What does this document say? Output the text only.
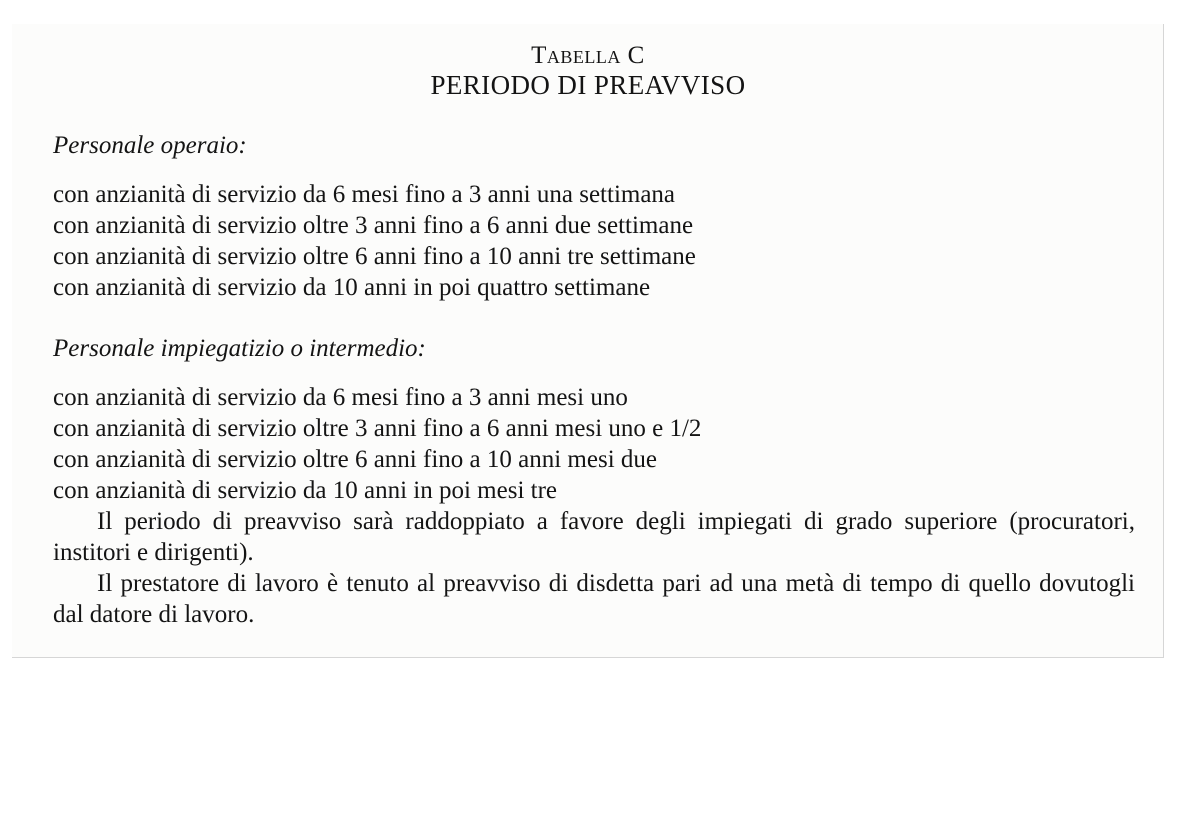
Tabella C
PERIODO DI PREAVVISO
Personale operaio:
con anzianità di servizio da 6 mesi fino a 3 anni una settimana
con anzianità di servizio oltre 3 anni fino a 6 anni due settimane
con anzianità di servizio oltre 6 anni fino a 10 anni tre settimane
con anzianità di servizio da 10 anni in poi quattro settimane
Personale impiegatizio o intermedio:
con anzianità di servizio da 6 mesi fino a 3 anni mesi uno
con anzianità di servizio oltre 3 anni fino a 6 anni mesi uno e 1/2
con anzianità di servizio oltre 6 anni fino a 10 anni mesi due
con anzianità di servizio da 10 anni in poi mesi tre

Il periodo di preavviso sarà raddoppiato a favore degli impiegati di grado superiore (procuratori, institori e dirigenti).

Il prestatore di lavoro è tenuto al preavviso di disdetta pari ad una metà di tempo di quello dovutogli dal datore di lavoro.
